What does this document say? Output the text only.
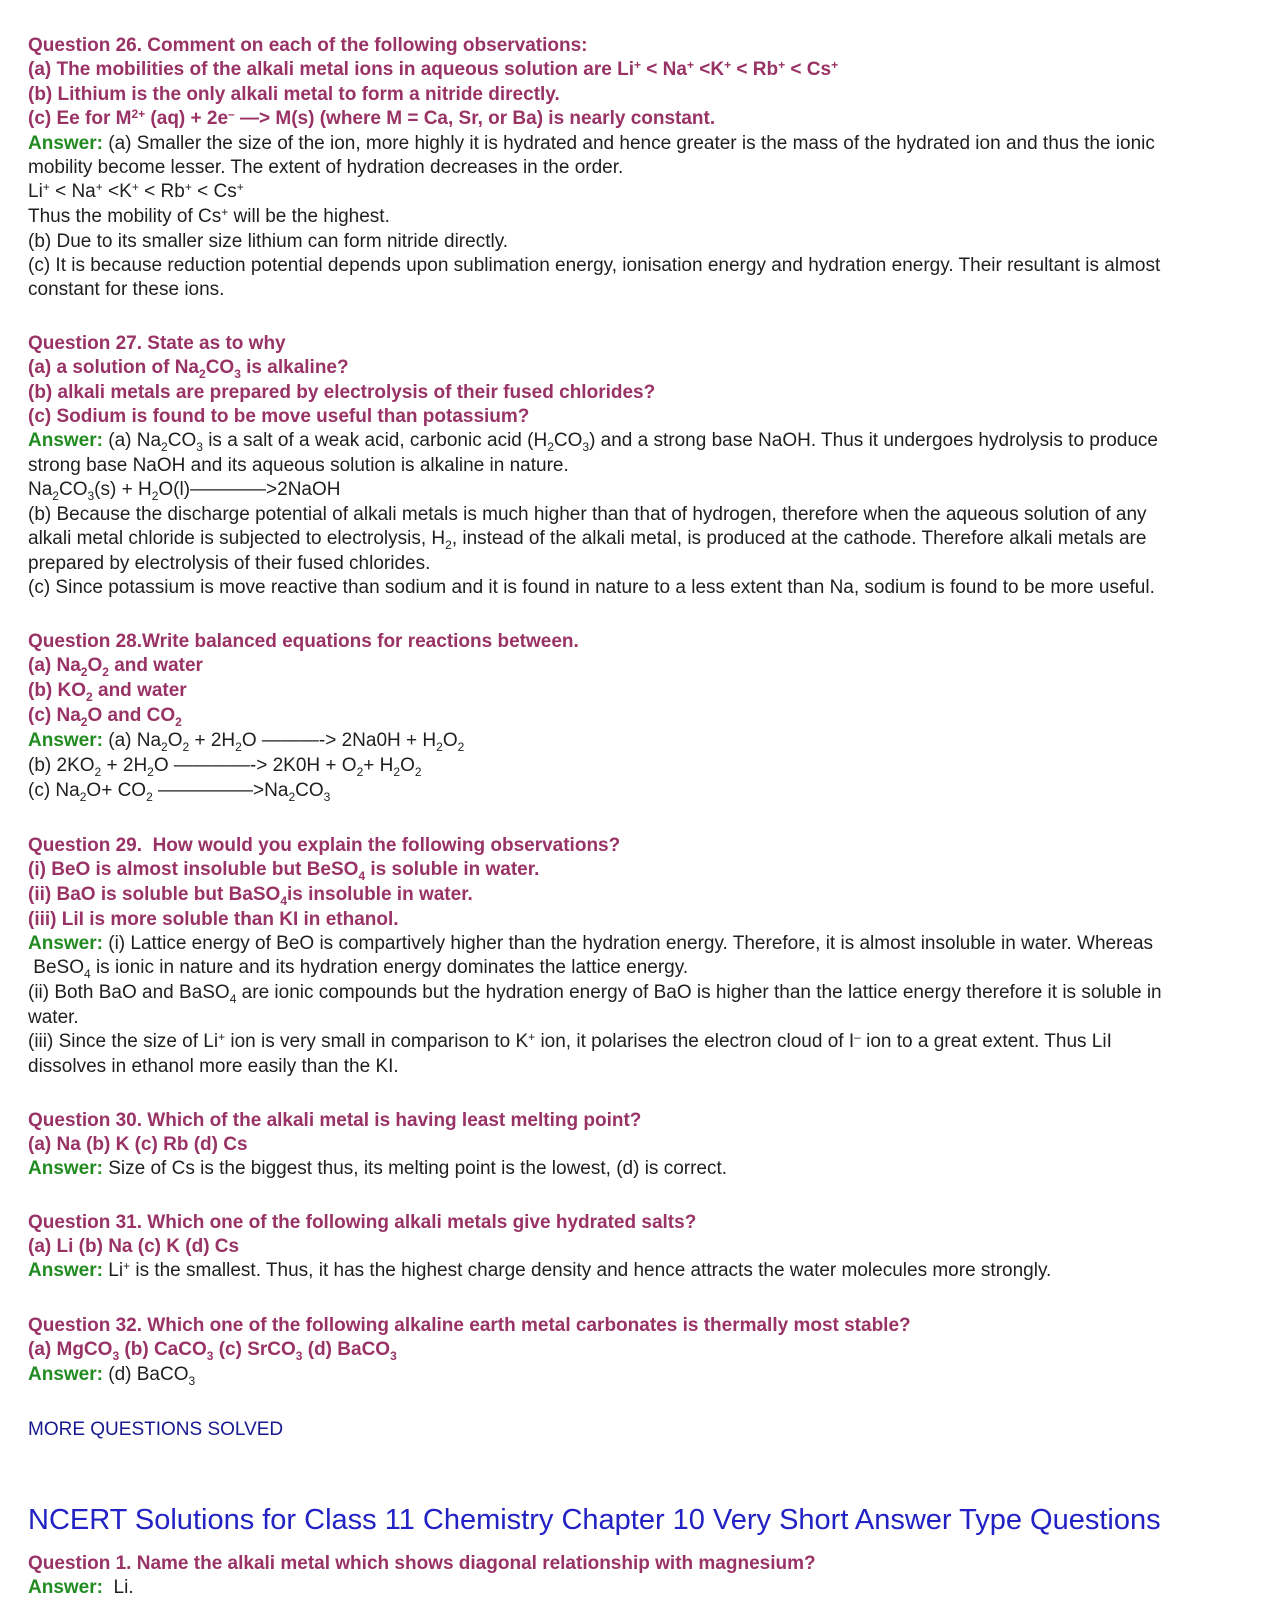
Question 26. Comment on each of the following observations:
(a) The mobilities of the alkali metal ions in aqueous solution are Li+ < Na+ <K+ < Rb+ < Cs+
(b) Lithium is the only alkali metal to form a nitride directly.
(c) Ee for $M^{2+}$ (aq) + 2e– —> M(s) (where M = Ca, Sr, or Ba) is nearly constant.
Answer: (a) Smaller the size of the ion, more highly it is hydrated and hence greater is the mass of the hydrated ion and thus the ionic
mobility become lesser. The extent of hydration decreases in the order.
Li+ < Na+ <K+ < Rb+ < Cs+
Thus the mobility of Cs+ will be the highest.
(b) Due to its smaller size lithium can form nitride directly.
(c) It is because reduction potential depends upon sublimation energy, ionisation energy and hydration energy. Their resultant is almost
constant for these ions.
Question 27. State as to why
(a) a solution of $Na_2CO_3$ is alkaline?
(b) alkali metals are prepared by electrolysis of their fused chlorides?
(c) Sodium is found to be move useful than potassium?
Answer: (a) $Na_2CO_3$ is a salt of a weak acid, carbonic acid $(H_2CO_3)$ and a strong base NaOH. Thus it undergoes hydrolysis to produce
strong base NaOH and its aqueous solution is alkaline in nature.
$Na_2CO_3(s)$ + $H_2O(l)————>2NaOH$
(b) Because the discharge potential of alkali metals is much higher than that of hydrogen, therefore when the aqueous solution of any
alkali metal chloride is subjected to electrolysis, $H_2$, instead of the alkali metal, is produced at the cathode. Therefore alkali metals are
prepared by electrolysis of their fused chlorides.
(c) Since potassium is move reactive than sodium and it is found in nature to a less extent than Na, sodium is found to be more useful.
Question 28.Write balanced equations for reactions between.
(a) $Na_2O_2$ and water
(b) $KO_2$ and water
(c) $Na_2O$ and $CO_2$
Answer: (a) $Na_2O_2 + 2H_2O$ ———-> $2Na0H + H_2O_2$
(b) $2KO_2 + 2H_2O$ ————-> $2K0H + O_2+ H_2O_2$
(c) $Na_2O+ CO_2$ $—————>Na_2CO_3$
Question 29.  How would you explain the following observations?
(i) BeO is almost insoluble but BeSO$_4$ is soluble in water.
(ii) BaO is soluble but BaSO$_4$is insoluble in water.
(iii) LiI is more soluble than KI in ethanol.
Answer: (i) Lattice energy of BeO is compartively higher than the hydration energy. Therefore, it is almost insoluble in water. Whereas
BeSO$_4$ is ionic in nature and its hydration energy dominates the lattice energy.
(ii) Both BaO and BaSO$_4$ are ionic compounds but the hydration energy of BaO is higher than the lattice energy therefore it is soluble in
water.
(iii) Since the size of Li+ ion is very small in comparison to K+ ion, it polarises the electron cloud of I– ion to a great extent. Thus LiI
dissolves in ethanol more easily than the KI.
Question 30. Which of the alkali metal is having least melting point?
(a) Na (b) K (c) Rb (d) Cs
Answer: Size of Cs is the biggest thus, its melting point is the lowest, (d) is correct.
Question 31. Which one of the following alkali metals give hydrated salts?
(a) Li (b) Na (c) K (d) Cs
Answer: Li+ is the smallest. Thus, it has the highest charge density and hence attracts the water molecules more strongly.
Question 32. Which one of the following alkaline earth metal carbonates is thermally most stable?
(a) MgCO$_3$ (b) CaCO$_3$ (c) SrCO$_3$ (d) BaCO$_3$
Answer: (d) BaCO$_3$
MORE QUESTIONS SOLVED
NCERT Solutions for Class 11 Chemistry Chapter 10 Very Short Answer Type Questions
Question 1. Name the alkali metal which shows diagonal relationship with magnesium?
Answer:  Li.
